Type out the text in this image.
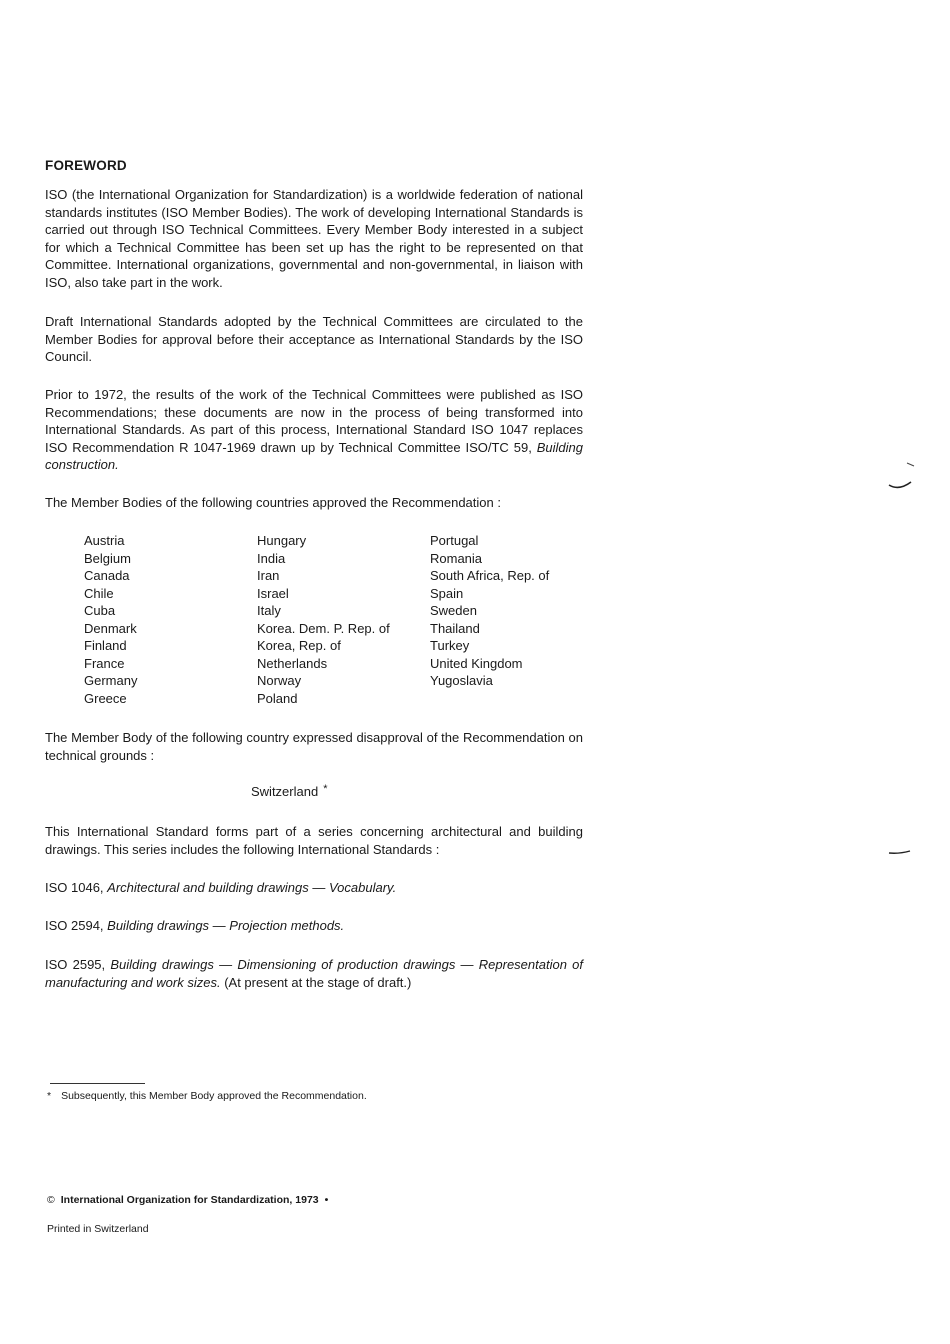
FOREWORD
ISO (the International Organization for Standardization) is a worldwide federation of national standards institutes (ISO Member Bodies). The work of developing International Standards is carried out through ISO Technical Committees. Every Member Body interested in a subject for which a Technical Committee has been set up has the right to be represented on that Committee. International organizations, governmental and non-governmental, in liaison with ISO, also take part in the work.
Draft International Standards adopted by the Technical Committees are circulated to the Member Bodies for approval before their acceptance as International Standards by the ISO Council.
Prior to 1972, the results of the work of the Technical Committees were published as ISO Recommendations; these documents are now in the process of being transformed into International Standards. As part of this process, International Standard ISO 1047 replaces ISO Recommendation R 1047-1969 drawn up by Technical Committee ISO/TC 59, Building construction.
The Member Bodies of the following countries approved the Recommendation :
Austria
Belgium
Canada
Chile
Cuba
Denmark
Finland
France
Germany
Greece
Hungary
India
Iran
Israel
Italy
Korea. Dem. P. Rep. of
Korea, Rep. of
Netherlands
Norway
Poland
Portugal
Romania
South Africa, Rep. of
Spain
Sweden
Thailand
Turkey
United Kingdom
Yugoslavia
The Member Body of the following country expressed disapproval of the Recommendation on technical grounds :
Switzerland *
This International Standard forms part of a series concerning architectural and building drawings. This series includes the following International Standards :
ISO 1046, Architectural and building drawings — Vocabulary.
ISO 2594, Building drawings — Projection methods.
ISO 2595, Building drawings — Dimensioning of production drawings — Representation of manufacturing and work sizes. (At present at the stage of draft.)
* Subsequently, this Member Body approved the Recommendation.
© International Organization for Standardization, 1973 •
Printed in Switzerland
